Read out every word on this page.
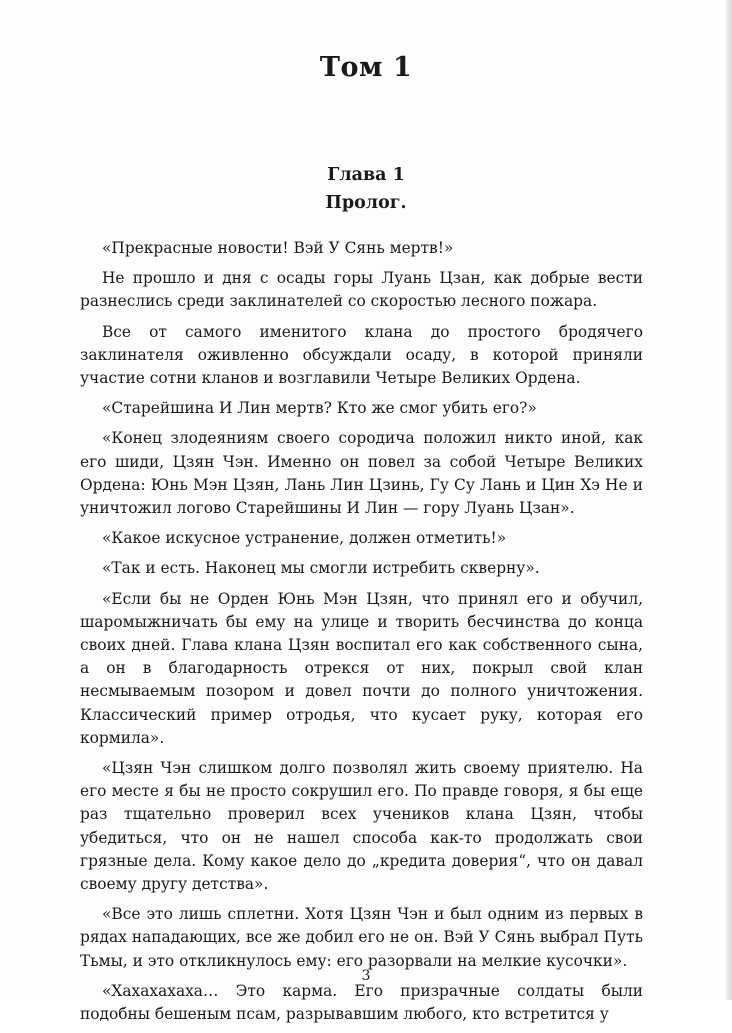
Том 1
Глава 1
Пролог.

«Прекрасные новости! Вэй У Сянь мертв!»

Не прошло и дня с осады горы Луань Цзан, как добрые вести разнеслись среди заклинателей со скоростью лесного пожара.

Все от самого именитого клана до простого бродячего заклинателя оживленно обсуждали осаду, в которой приняли участие сотни кланов и возглавили Четыре Великих Ордена.

«Старейшина И Лин мертв? Кто же смог убить его?»

«Конец злодеяниям своего сородича положил никто иной, как его шиди, Цзян Чэн. Именно он повел за собой Четыре Великих Ордена: Юнь Мэн Цзян, Лань Лин Цзинь, Гу Су Лань и Цин Хэ Не и уничтожил логово Старейшины И Лин — гору Луань Цзан».

«Какое искусное устранение, должен отметить!»

«Так и есть. Наконец мы смогли истребить скверну».

«Если бы не Орден Юнь Мэн Цзян, что принял его и обучил, шаромыжничать бы ему на улице и творить бесчинства до конца своих дней. Глава клана Цзян воспитал его как собственного сына, а он в благодарность отрекся от них, покрыл свой клан несмываемым позором и довел почти до полного уничтожения. Классический пример отродья, что кусает руку, которая его кормила».

«Цзян Чэн слишком долго позволял жить своему приятелю. На его месте я бы не просто сокрушил его. По правде говоря, я бы еще раз тщательно проверил всех учеников клана Цзян, чтобы убедиться, что он не нашел способа как-то продолжать свои грязные дела. Кому какое дело до „кредита доверия“, что он давал своему другу детства».

«Все это лишь сплетни. Хотя Цзян Чэн и был одним из первых в рядах нападающих, все же добил его не он. Вэй У Сянь выбрал Путь Тьмы, и это откликнулось ему: его разорвали на мелкие кусочки».

«Хахахахаха… Это карма. Его призрачные солдаты были подобны бешеным псам, разрывавшим любого, кто встретится у

3
